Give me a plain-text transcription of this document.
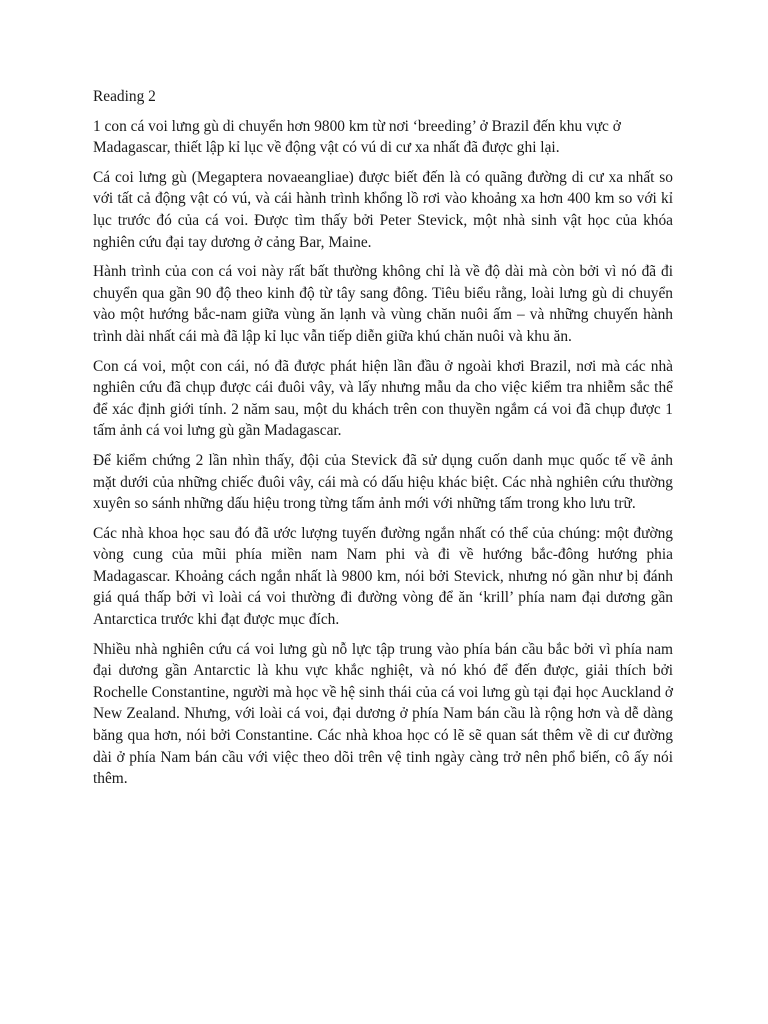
Reading 2

1 con cá voi lưng gù di chuyển hơn 9800 km từ nơi ‘breeding’ ở Brazil đến khu vực ở Madagascar, thiết lập kỉ lục về động vật có vú di cư xa nhất đã được ghi lại.

Cá coi lưng gù (Megaptera novaeangliae) được biết đến là có quãng đường di cư xa nhất so với tất cả động vật có vú, và cái hành trình khổng lồ rơi vào khoảng xa hơn 400 km so với kỉ lục trước đó của cá voi. Được tìm thấy bởi Peter Stevick, một nhà sinh vật học của khóa nghiên cứu đại tay dương ở cảng Bar, Maine.

Hành trình của con cá voi này rất bất thường không chỉ là về độ dài mà còn bởi vì nó đã đi chuyển qua gần 90 độ theo kinh độ từ tây sang đông. Tiêu biểu rằng, loài lưng gù di chuyển vào một hướng bắc-nam giữa vùng ăn lạnh và vùng chăn nuôi ấm – và những chuyến hành trình dài nhất cái mà đã lập kỉ lục vẫn tiếp diễn giữa khú chăn nuôi và khu ăn.

Con cá voi, một con cái, nó đã được phát hiện lần đầu ở ngoài khơi Brazil, nơi mà các nhà nghiên cứu đã chụp được cái đuôi vây, và lấy nhưng mẫu da cho việc kiểm tra nhiễm sắc thể để xác định giới tính. 2 năm sau, một du khách trên con thuyền ngắm cá voi đã chụp được 1 tấm ảnh cá voi lưng gù gần Madagascar.

Để kiểm chứng 2 lần nhìn thấy, đội của Stevick đã sử dụng cuốn danh mục quốc tế về ảnh mặt dưới của những chiếc đuôi vây, cái mà có dấu hiệu khác biệt. Các nhà nghiên cứu thường xuyên so sánh những dấu hiệu trong từng tấm ảnh mới với những tấm trong kho lưu trữ.

Các nhà khoa học sau đó đã ước lượng tuyến đường ngắn nhất có thể của chúng: một đường vòng cung của mũi phía miền nam Nam phi và đi về hướng bắc-đông hướng phia Madagascar. Khoảng cách ngắn nhất là 9800 km, nói bởi Stevick, nhưng nó gần như bị đánh giá quá thấp bởi vì loài cá voi thường đi đường vòng để ăn ‘krill’ phía nam đại dương gần Antarctica trước khi đạt được mục đích.

Nhiều nhà nghiên cứu cá voi lưng gù nỗ lực tập trung vào phía bán cầu bắc bởi vì phía nam đại dương gần Antarctic là khu vực khắc nghiệt, và nó khó để đến được, giải thích bởi Rochelle Constantine, người mà học về hệ sinh thái của cá voi lưng gù tại đại học Auckland ở New Zealand. Nhưng, với loài cá voi, đại dương ở phía Nam bán cầu là rộng hơn và dễ dàng băng qua hơn, nói bởi Constantine. Các nhà khoa học có lẽ sẽ quan sát thêm về di cư đường dài ở phía Nam bán cầu với việc theo dõi trên vệ tinh ngày càng trở nên phổ biến, cô ấy nói thêm.
